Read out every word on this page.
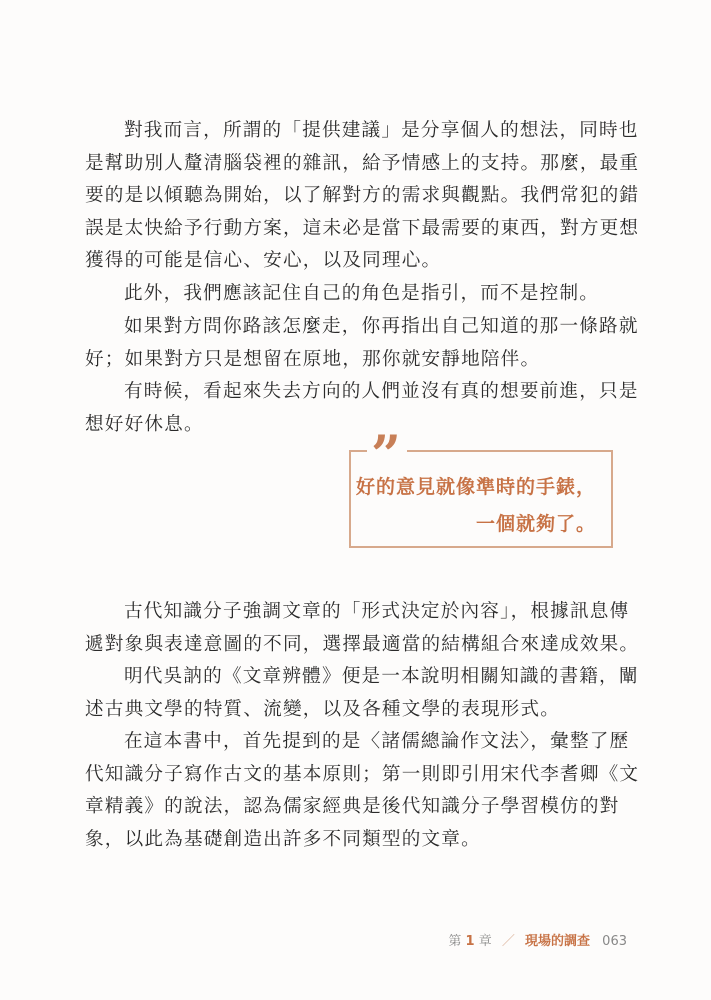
對我而言，所謂的「提供建議」是分享個人的想法，同時也
是幫助別人釐清腦袋裡的雜訊，給予情感上的支持。那麼，最重
要的是以傾聽為開始，以了解對方的需求與觀點。我們常犯的錯
誤是太快給予行動方案，這未必是當下最需要的東西，對方更想
獲得的可能是信心、安心，以及同理心。
此外，我們應該記住自己的角色是指引，而不是控制。
如果對方問你路該怎麼走，你再指出自己知道的那一條路就
好；如果對方只是想留在原地，那你就安靜地陪伴。
有時候，看起來失去方向的人們並沒有真的想要前進，只是
想好好休息。
”
好的意見就像準時的手錶，
一個就夠了。
古代知識分子強調文章的「形式決定於內容」，根據訊息傳
遞對象與表達意圖的不同，選擇最適當的結構組合來達成效果。
明代吳訥的《文章辨體》便是一本說明相關知識的書籍，闡
述古典文學的特質、流變，以及各種文學的表現形式。
在這本書中，首先提到的是〈諸儒總論作文法〉，彙整了歷
代知識分子寫作古文的基本原則；第一則即引用宋代李耆卿《文
章精義》的說法，認為儒家經典是後代知識分子學習模仿的對
象，以此為基礎創造出許多不同類型的文章。
第 1 章 ／ 現場的調查 063
